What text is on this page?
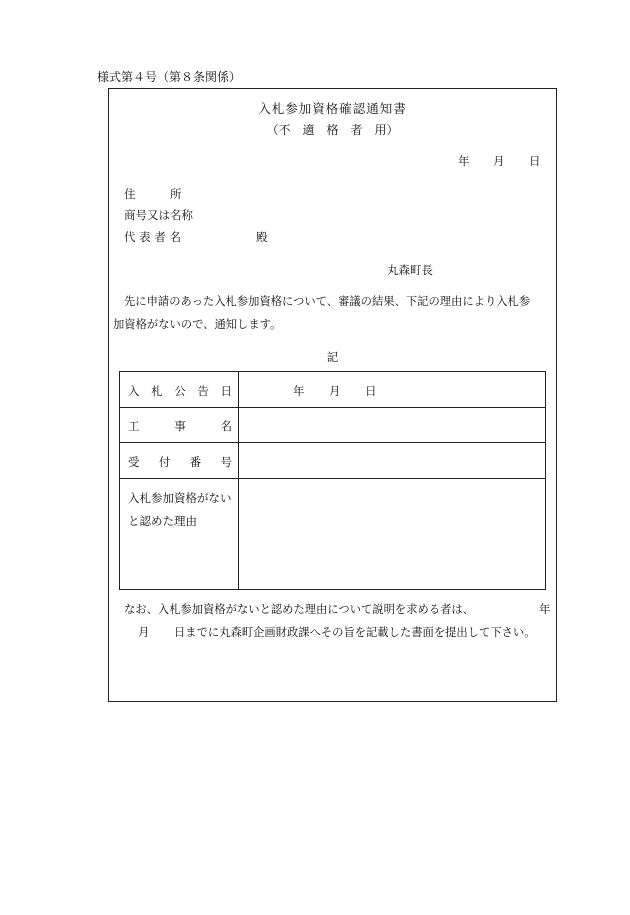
様式第４号（第８条関係）
入札参加資格確認通知書
（不　適　格　者　用）
年 月 日
住　　　所
商号又は名称
代 表 者 名	殿
丸森町長
先に申請のあった入札参加資格について、審議の結果、下記の理由により入札参
加資格がないので、通知します。
記
入 札 公 告 日	年 月 日
工	事	名
受 付 番 号
入札参加資格がない
と認めた理由
なお、入札参加資格がないと認めた理由について説明を求める者は、	年
月 日までに丸森町企画財政課へその旨を記載した書面を提出して下さい。
